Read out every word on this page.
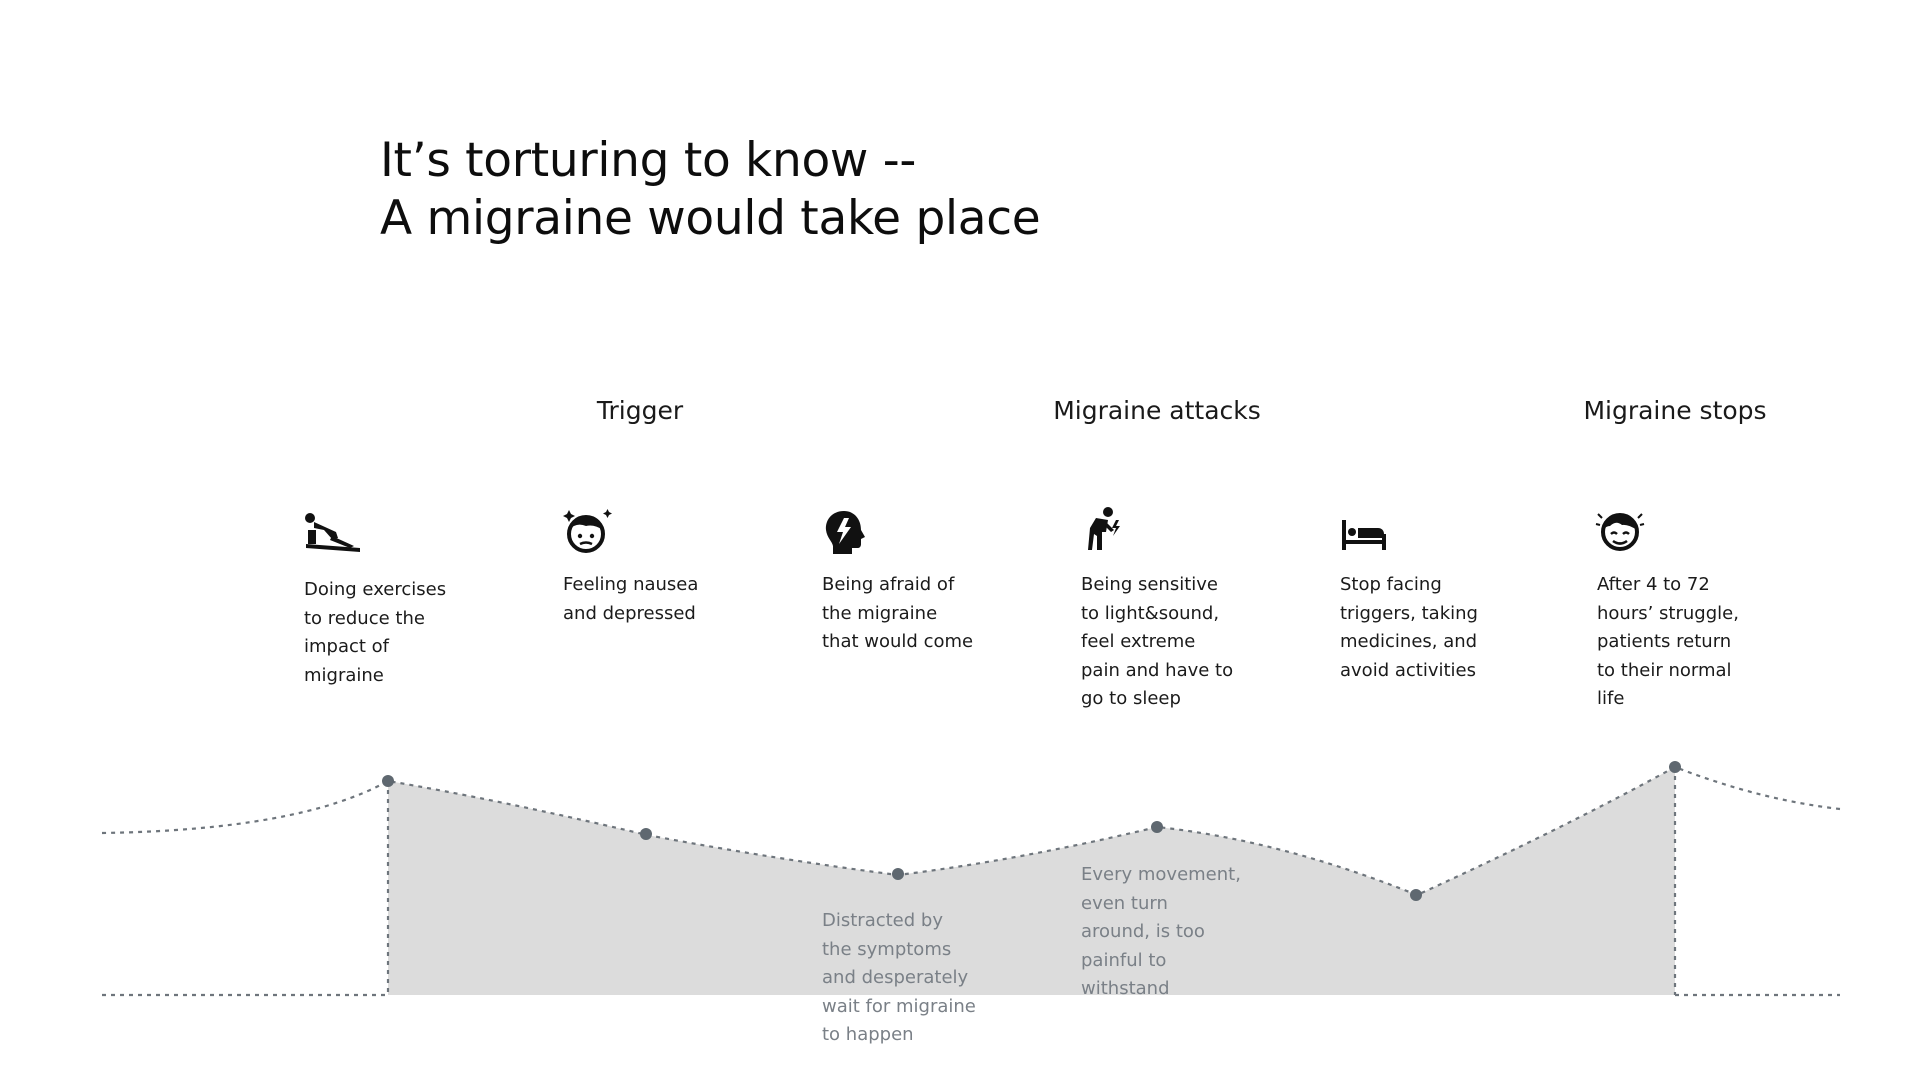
It’s torturing to know --
A migraine would take place
Trigger	Migraine attacks	Migraine stops
Doing exercises
to reduce the
impact of
migraine
Feeling nausea
and depressed
Being afraid of
the migraine
that would come
Being sensitive
to light&sound,
feel extreme
pain and have to
go to sleep
Stop facing
triggers, taking
medicines, and
avoid activities
After 4 to 72
hours’ struggle,
patients return
to their normal
life
Distracted by
the symptoms
and desperately
wait for migraine
to happen
Every movement,
even turn
around, is too
painful to
withstand
